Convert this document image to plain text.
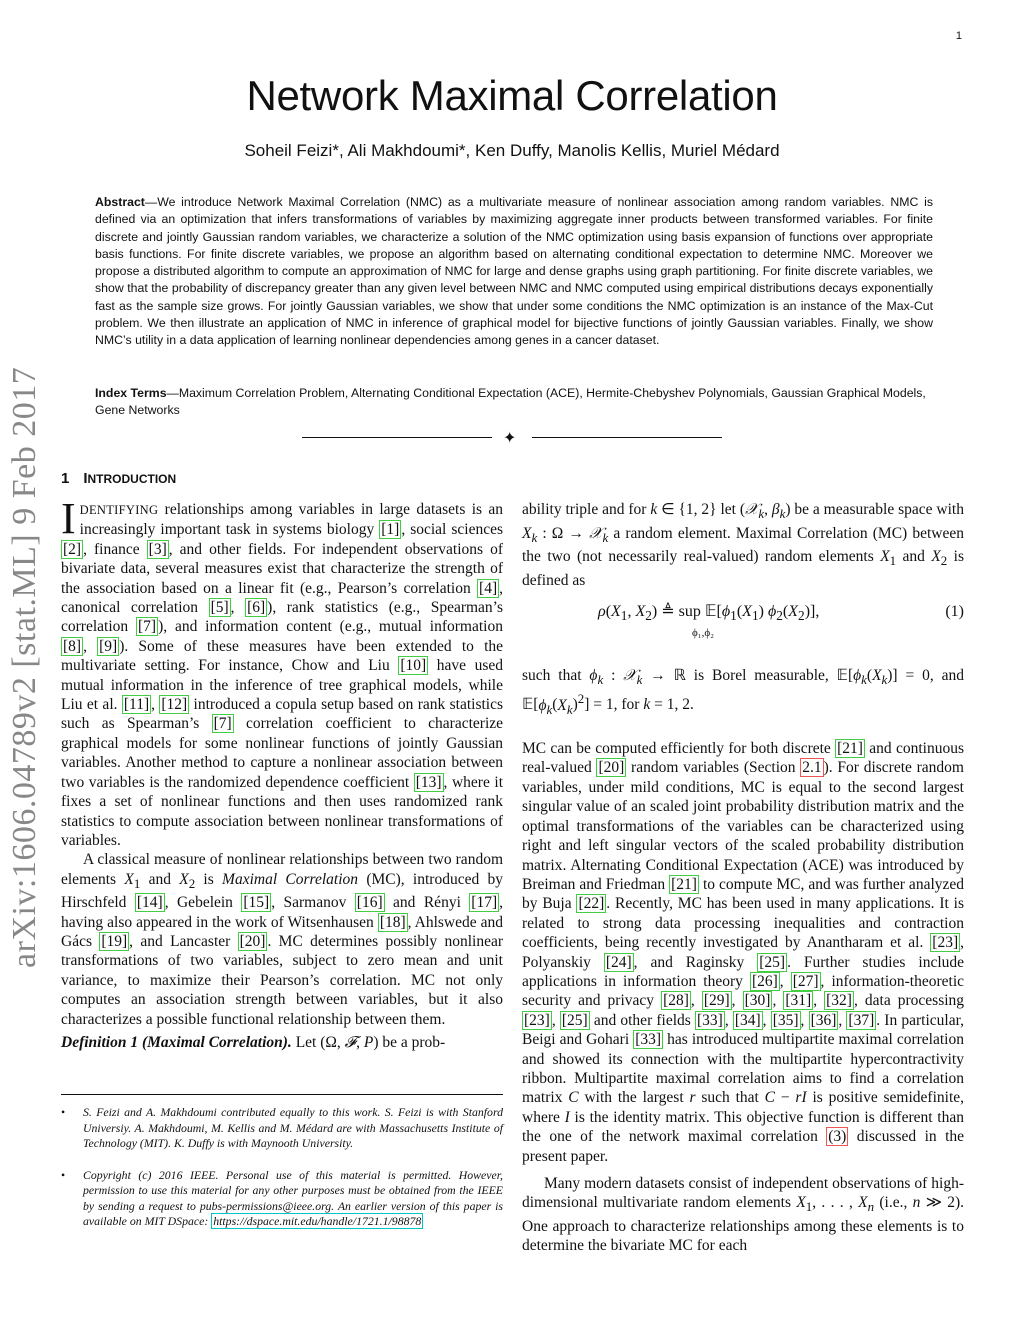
1
Network Maximal Correlation
Soheil Feizi*, Ali Makhdoumi*, Ken Duffy, Manolis Kellis, Muriel Médard
Abstract—We introduce Network Maximal Correlation (NMC) as a multivariate measure of nonlinear association among random variables. NMC is defined via an optimization that infers transformations of variables by maximizing aggregate inner products between transformed variables. For finite discrete and jointly Gaussian random variables, we characterize a solution of the NMC optimization using basis expansion of functions over appropriate basis functions. For finite discrete variables, we propose an algorithm based on alternating conditional expectation to determine NMC. Moreover we propose a distributed algorithm to compute an approximation of NMC for large and dense graphs using graph partitioning. For finite discrete variables, we show that the probability of discrepancy greater than any given level between NMC and NMC computed using empirical distributions decays exponentially fast as the sample size grows. For jointly Gaussian variables, we show that under some conditions the NMC optimization is an instance of the Max-Cut problem. We then illustrate an application of NMC in inference of graphical model for bijective functions of jointly Gaussian variables. Finally, we show NMC’s utility in a data application of learning nonlinear dependencies among genes in a cancer dataset.
Index Terms—Maximum Correlation Problem, Alternating Conditional Expectation (ACE), Hermite-Chebyshev Polynomials, Gaussian Graphical Models, Gene Networks
✦
arXiv:1606.04789v2 [stat.ML] 9 Feb 2017	1 INTRODUCTION

IDENTIFYING relationships among variables in large datasets is an increasingly important task in systems biology [1] , social sciences [2] , finance [3] , and other fields. For independent observations of bivariate data, several measures exist that characterize the strength of the association based on a linear fit (e.g., Pearson’s correlation [4] , canonical correlation [5] , [6] ), rank statistics (e.g., Spearman’s correlation [7] ), and information content (e.g., mutual information [8] , [9] ). Some of these measures have been extended to the multivariate setting. For instance, Chow and Liu [10] have used mutual information in the inference of tree graphical models, while Liu et al. [11] , [12] introduced a copula setup based on rank statistics such as Spearman’s [7] correlation coefficient to characterize graphical models for some nonlinear functions of jointly Gaussian variables. Another method to capture a nonlinear association between two variables is the randomized dependence coefficient [13] , where it fixes a set of nonlinear functions and then uses randomized rank statistics to compute association between nonlinear transformations of variables.

A classical measure of nonlinear relationships between two random elements $X_1$ and $X_2$ is Maximal Correlation (MC), introduced by Hirschfeld [14] , Gebelein [15] , Sarmanov [16] and Rényi [17] , having also appeared in the work of Witsenhausen [18] , Ahlswede and Gács [19] , and Lancaster [20] . MC determines possibly nonlinear transformations of two variables, subject to zero mean and unit variance, to maximize their Pearson’s correlation. MC not only computes an association strength between variables, but it also characterizes a possible functional relationship between them.

Definition 1 (Maximal Correlation). Let (Ω, 𝓕, P) be a prob-

• S. Feizi and A. Makhdoumi contributed equally to this work. S. Feizi is with Stanford Universiy. A. Makhdoumi, M. Kellis and M. Médard are with Massachusetts Institute of Technology (MIT). K. Duffy is with Maynooth University.
• Copyright (c) 2016 IEEE. Personal use of this material is permitted. However, permission to use this material for any other purposes must be obtained from the IEEE by sending a request to pubs-permissions@ieee.org. An earlier version of this paper is available on MIT DSpace: https://dspace.mit.edu/handle/1721.1/98878

ability triple and for k ∈ {1, 2} let (𝒳$_k$, $\beta_k$) be a measurable space with $X_k$ : Ω → 𝒳$_k$ a random element. Maximal Correlation (MC) between the two (not necessarily real-valued) random elements $X_1$ and $X_2$ is defined as

$\rho(X_1$, $X_2$) ≜ sup $𝔼[\phi_1(X_1)$ $\phi_2(X_2)$],
ϕ₁,ϕ₂
(1)

such that $\phi_k$ : 𝒳$_k$ → ℝ is Borel measurable, $𝔼[\phi_k(X_k)] = 0$, and $𝔼[\phi_k(X_k)^2] = 1$, for k = 1, 2.

MC can be computed efficiently for both discrete [21] and continuous real-valued [20] random variables (Section 2.1 ). For discrete random variables, under mild conditions, MC is equal to the second largest singular value of an scaled joint probability distribution matrix and the optimal transformations of the variables can be characterized using right and left singular vectors of the scaled probability distribution matrix. Alternating Conditional Expectation (ACE) was introduced by Breiman and Friedman [21] to compute MC, and was further analyzed by Buja [22] . Recently, MC has been used in many applications. It is related to strong data processing inequalities and contraction coefficients, being recently investigated by Anantharam et al. [23] , Polyanskiy [24] , and Raginsky [25] . Further studies include applications in information theory [26] , [27] , information-theoretic security and privacy [28] , [29] , [30] , [31] , [32] , data processing [23] , [25] and other fields [33] , [34] , [35] , [36] , [37] . In particular, Beigi and Gohari [33] has introduced multipartite maximal correlation and showed its connection with the multipartite hypercontractivity ribbon. Multipartite maximal correlation aims to find a correlation matrix C with the largest r such that C − rI is positive semidefinite, where I is the identity matrix. This objective function is different than the one of the network maximal correlation (3) discussed in the present paper.

Many modern datasets consist of independent observations of high-dimensional multivariate random elements $X_1$, . . . , $X_n$ (i.e., n ≫ 2). One approach to characterize relationships among these elements is to determine the bivariate MC for each
